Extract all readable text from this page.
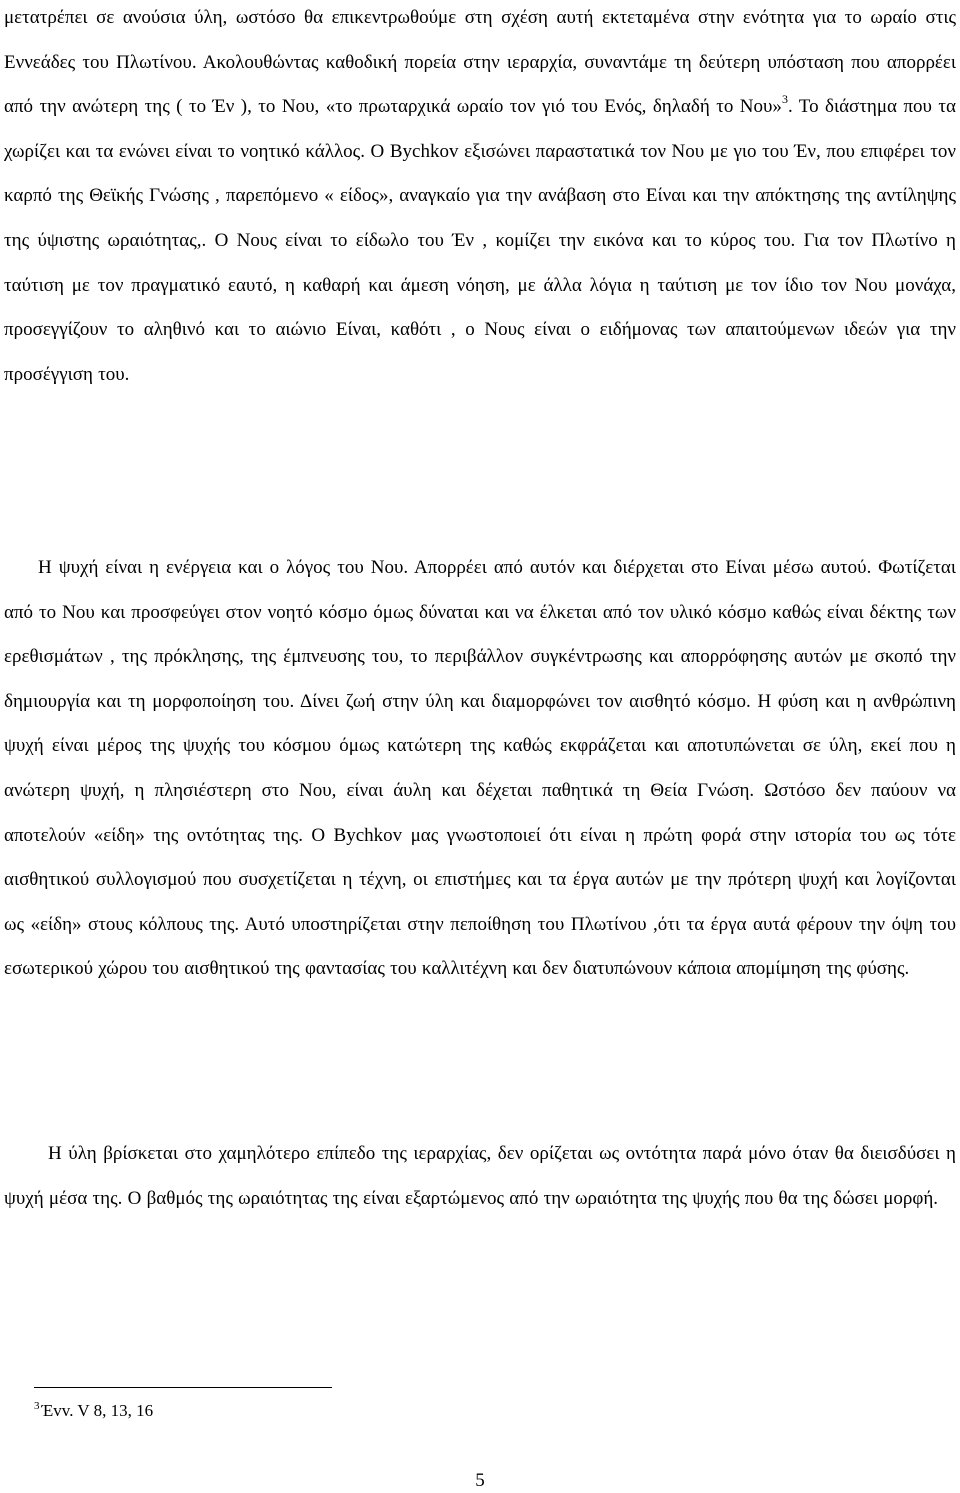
μετατρέπει σε ανούσια ύλη, ωστόσο θα επικεντρωθούμε στη σχέση αυτή εκτεταμένα στην ενότητα για το ωραίο στις Εννεάδες του Πλωτίνου. Ακολουθώντας καθοδική πορεία στην ιεραρχία, συναντάμε τη δεύτερη υπόσταση που απορρέει από την ανώτερη της ( το Έν ), το Νου, «το πρωταρχικά ωραίο τον γιό του Ενός, δηλαδή το Νου»$^3$. Το διάστημα που τα χωρίζει και τα ενώνει είναι το νοητικό κάλλος. Ο Bychkov εξισώνει παραστατικά τον Νου με γιο του Έν, που επιφέρει τον καρπό της Θεϊκής Γνώσης , παρεπόμενο « είδος», αναγκαίο για την ανάβαση στο Είναι και την απόκτησης της αντίληψης της ύψιστης ωραιότητας,. Ο Νους είναι το είδωλο του Έν , κομίζει την εικόνα και το κύρος του. Για τον Πλωτίνο η ταύτιση με τον πραγματικό εαυτό, η καθαρή και άμεση νόηση, με άλλα λόγια η ταύτιση με τον ίδιο τον Νου μονάχα, προσεγγίζουν το αληθινό και το αιώνιο Είναι, καθότι , ο Νους είναι ο ειδήμονας των απαιτούμενων ιδεών για την προσέγγιση του.

Η ψυχή είναι η ενέργεια και ο λόγος του Νου. Απορρέει από αυτόν και διέρχεται στο Είναι μέσω αυτού. Φωτίζεται από το Νου και προσφεύγει στον νοητό κόσμο όμως δύναται και να έλκεται από τον υλικό κόσμο καθώς είναι δέκτης των ερεθισμάτων , της πρόκλησης, της έμπνευσης του, το περιβάλλον συγκέντρωσης και απορρόφησης αυτών με σκοπό την δημιουργία και τη μορφοποίηση του. Δίνει ζωή στην ύλη και διαμορφώνει τον αισθητό κόσμο. Η φύση και η ανθρώπινη ψυχή είναι μέρος της ψυχής του κόσμου όμως κατώτερη της καθώς εκφράζεται και αποτυπώνεται σε ύλη, εκεί που η ανώτερη ψυχή, η πλησιέστερη στο Νου, είναι άυλη και δέχεται παθητικά τη Θεία Γνώση. Ωστόσο δεν παύουν να αποτελούν «είδη» της οντότητας της. Ο Bychkov μας γνωστοποιεί ότι είναι η πρώτη φορά στην ιστορία του ως τότε αισθητικού συλλογισμού που συσχετίζεται η τέχνη, οι επιστήμες και τα έργα αυτών με την πρότερη ψυχή και λογίζονται ως «είδη» στους κόλπους της. Αυτό υποστηρίζεται στην πεποίθηση του Πλωτίνου ,ότι τα έργα αυτά φέρουν την όψη του εσωτερικού χώρου του αισθητικού της φαντασίας του καλλιτέχνη και δεν διατυπώνουν κάποια απομίμηση της φύσης.

Η ύλη βρίσκεται στο χαμηλότερο επίπεδο της ιεραρχίας, δεν ορίζεται ως οντότητα παρά μόνο όταν θα διεισδύσει η ψυχή μέσα της. Ο βαθμός της ωραιότητας της είναι εξαρτώμενος από την ωραιότητα της ψυχής που θα της δώσει μορφή.

$^3$ Έvv. V 8, 13, 16
5
